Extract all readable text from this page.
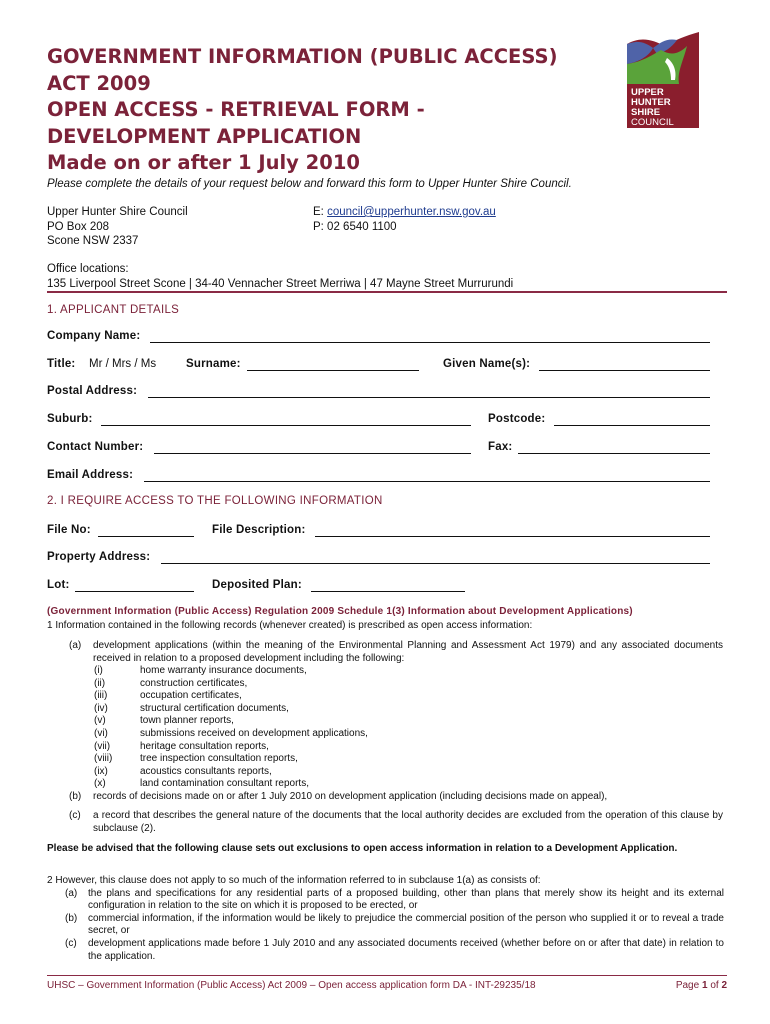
GOVERNMENT INFORMATION (PUBLIC ACCESS)
ACT 2009
OPEN ACCESS - RETRIEVAL FORM -
DEVELOPMENT APPLICATION
Made on or after 1 July 2010
UPPER
HUNTER
SHIRE
COUNCIL
Please complete the details of your request below and forward this form to Upper Hunter Shire Council.
Upper Hunter Shire Council
PO Box 208
Scone NSW 2337
E: council@upperhunter.nsw.gov.au
P: 02 6540 1100
Office locations:
135 Liverpool Street Scone | 34-40 Vennacher Street Merriwa | 47 Mayne Street Murrurundi
1. APPLICANT DETAILS
Company Name:
Title: Mr / Mrs / Ms	Surname:	Given Name(s):
Postal Address:
Suburb:	Postcode:
Contact Number:	Fax:
Email Address:
2. I REQUIRE ACCESS TO THE FOLLOWING INFORMATION
File No:	File Description:
Property Address:
Lot:	Deposited Plan:
(Government Information (Public Access) Regulation 2009 Schedule 1(3) Information about Development Applications)
1 Information contained in the following records (whenever created) is prescribed as open access information:
(a) development applications (within the meaning of the Environmental Planning and Assessment Act 1979) and any associated documents received in relation to a proposed development including the following:
(i)	home warranty insurance documents,
(ii)	construction certificates,
(iii)	occupation certificates,
(iv)	structural certification documents,
(v)	town planner reports,
(vi)	submissions received on development applications,
(vii)	heritage consultation reports,
(viii)	tree inspection consultation reports,
(ix)	acoustics consultants reports,
(x)	land contamination consultant reports,
(b) records of decisions made on or after 1 July 2010 on development application (including decisions made on appeal),
(c) a record that describes the general nature of the documents that the local authority decides are excluded from the operation of this clause by subclause (2).
Please be advised that the following clause sets out exclusions to open access information in relation to a Development Application.
2 However, this clause does not apply to so much of the information referred to in subclause 1(a) as consists of:
(a) the plans and specifications for any residential parts of a proposed building, other than plans that merely show its height and its external configuration in relation to the site on which it is proposed to be erected, or
(b) commercial information, if the information would be likely to prejudice the commercial position of the person who supplied it or to reveal a trade secret, or
(c) development applications made before 1 July 2010 and any associated documents received (whether before on or after that date) in relation to the application.
UHSC – Government Information (Public Access) Act 2009 – Open access application form DA - INT-29235/18	Page 1 of 2
